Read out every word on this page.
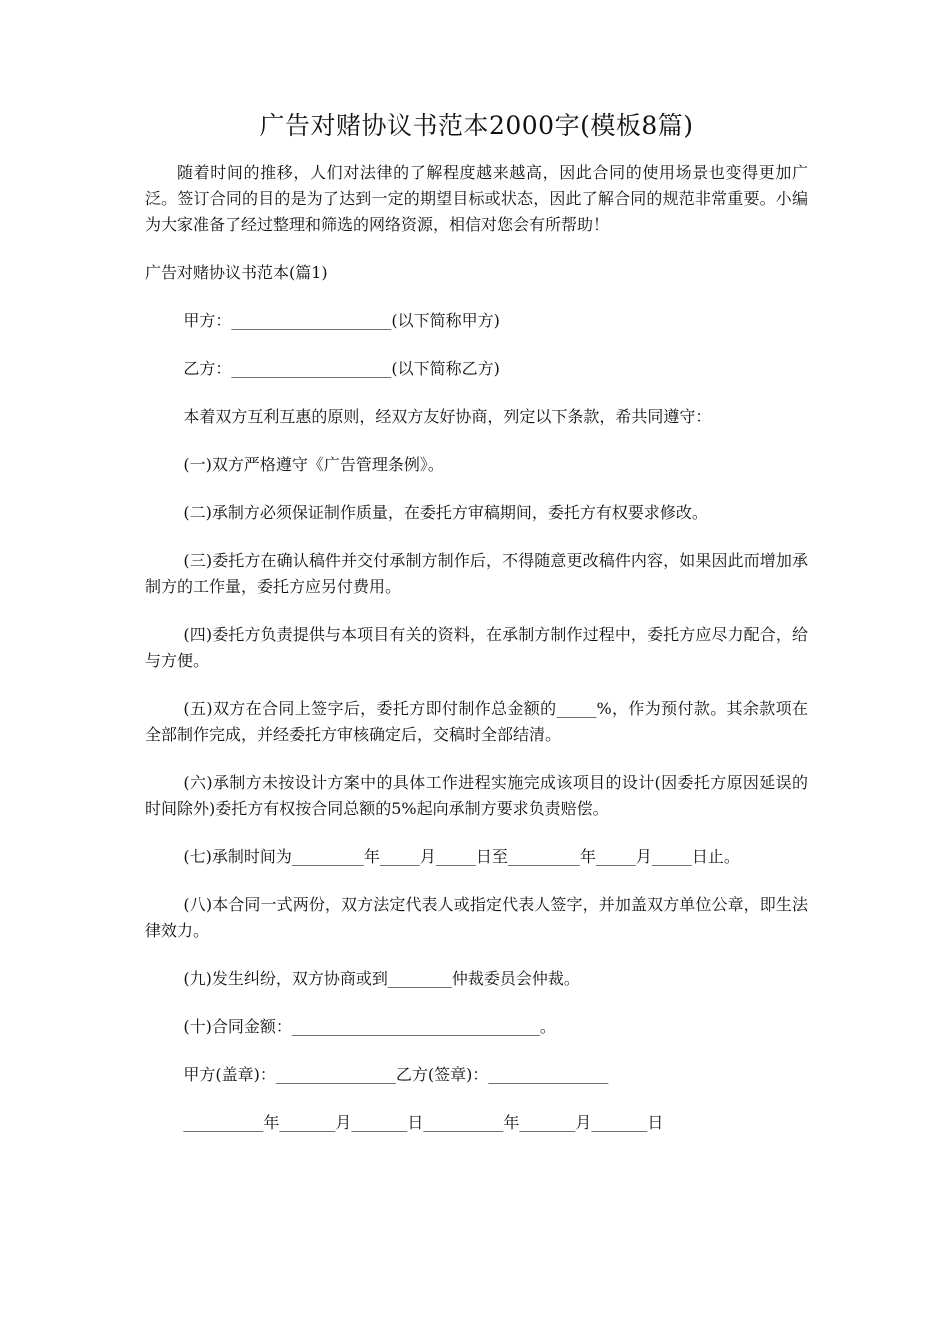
广告对赌协议书范本2000字(模板8篇)

随着时间的推移，人们对法律的了解程度越来越高，因此合同的使用场景也变得更加广泛。签订合同的目的是为了达到一定的期望目标或状态，因此了解合同的规范非常重要。小编为大家准备了经过整理和筛选的网络资源，相信对您会有所帮助！

广告对赌协议书范本(篇1)

甲方：____________________(以下简称甲方)

乙方：____________________(以下简称乙方)

本着双方互利互惠的原则，经双方友好协商，列定以下条款，希共同遵守：

(一)双方严格遵守《广告管理条例》。

(二)承制方必须保证制作质量，在委托方审稿期间，委托方有权要求修改。

(三)委托方在确认稿件并交付承制方制作后，不得随意更改稿件内容，如果因此而增加承制方的工作量，委托方应另付费用。

(四)委托方负责提供与本项目有关的资料，在承制方制作过程中，委托方应尽力配合，给与方便。

(五)双方在合同上签字后，委托方即付制作总金额的_____%，作为预付款。其余款项在全部制作完成，并经委托方审核确定后，交稿时全部结清。

(六)承制方未按设计方案中的具体工作进程实施完成该项目的设计(因委托方原因延误的时间除外)委托方有权按合同总额的5%起向承制方要求负责赔偿。

(七)承制时间为_________年_____月_____日至_________年_____月_____日止。

(八)本合同一式两份，双方法定代表人或指定代表人签字，并加盖双方单位公章，即生法律效力。

(九)发生纠纷，双方协商或到________仲裁委员会仲裁。

(十)合同金额：_______________________________。

甲方(盖章)：_______________乙方(签章)：_______________

__________年_______月_______日__________年_______月_______日
